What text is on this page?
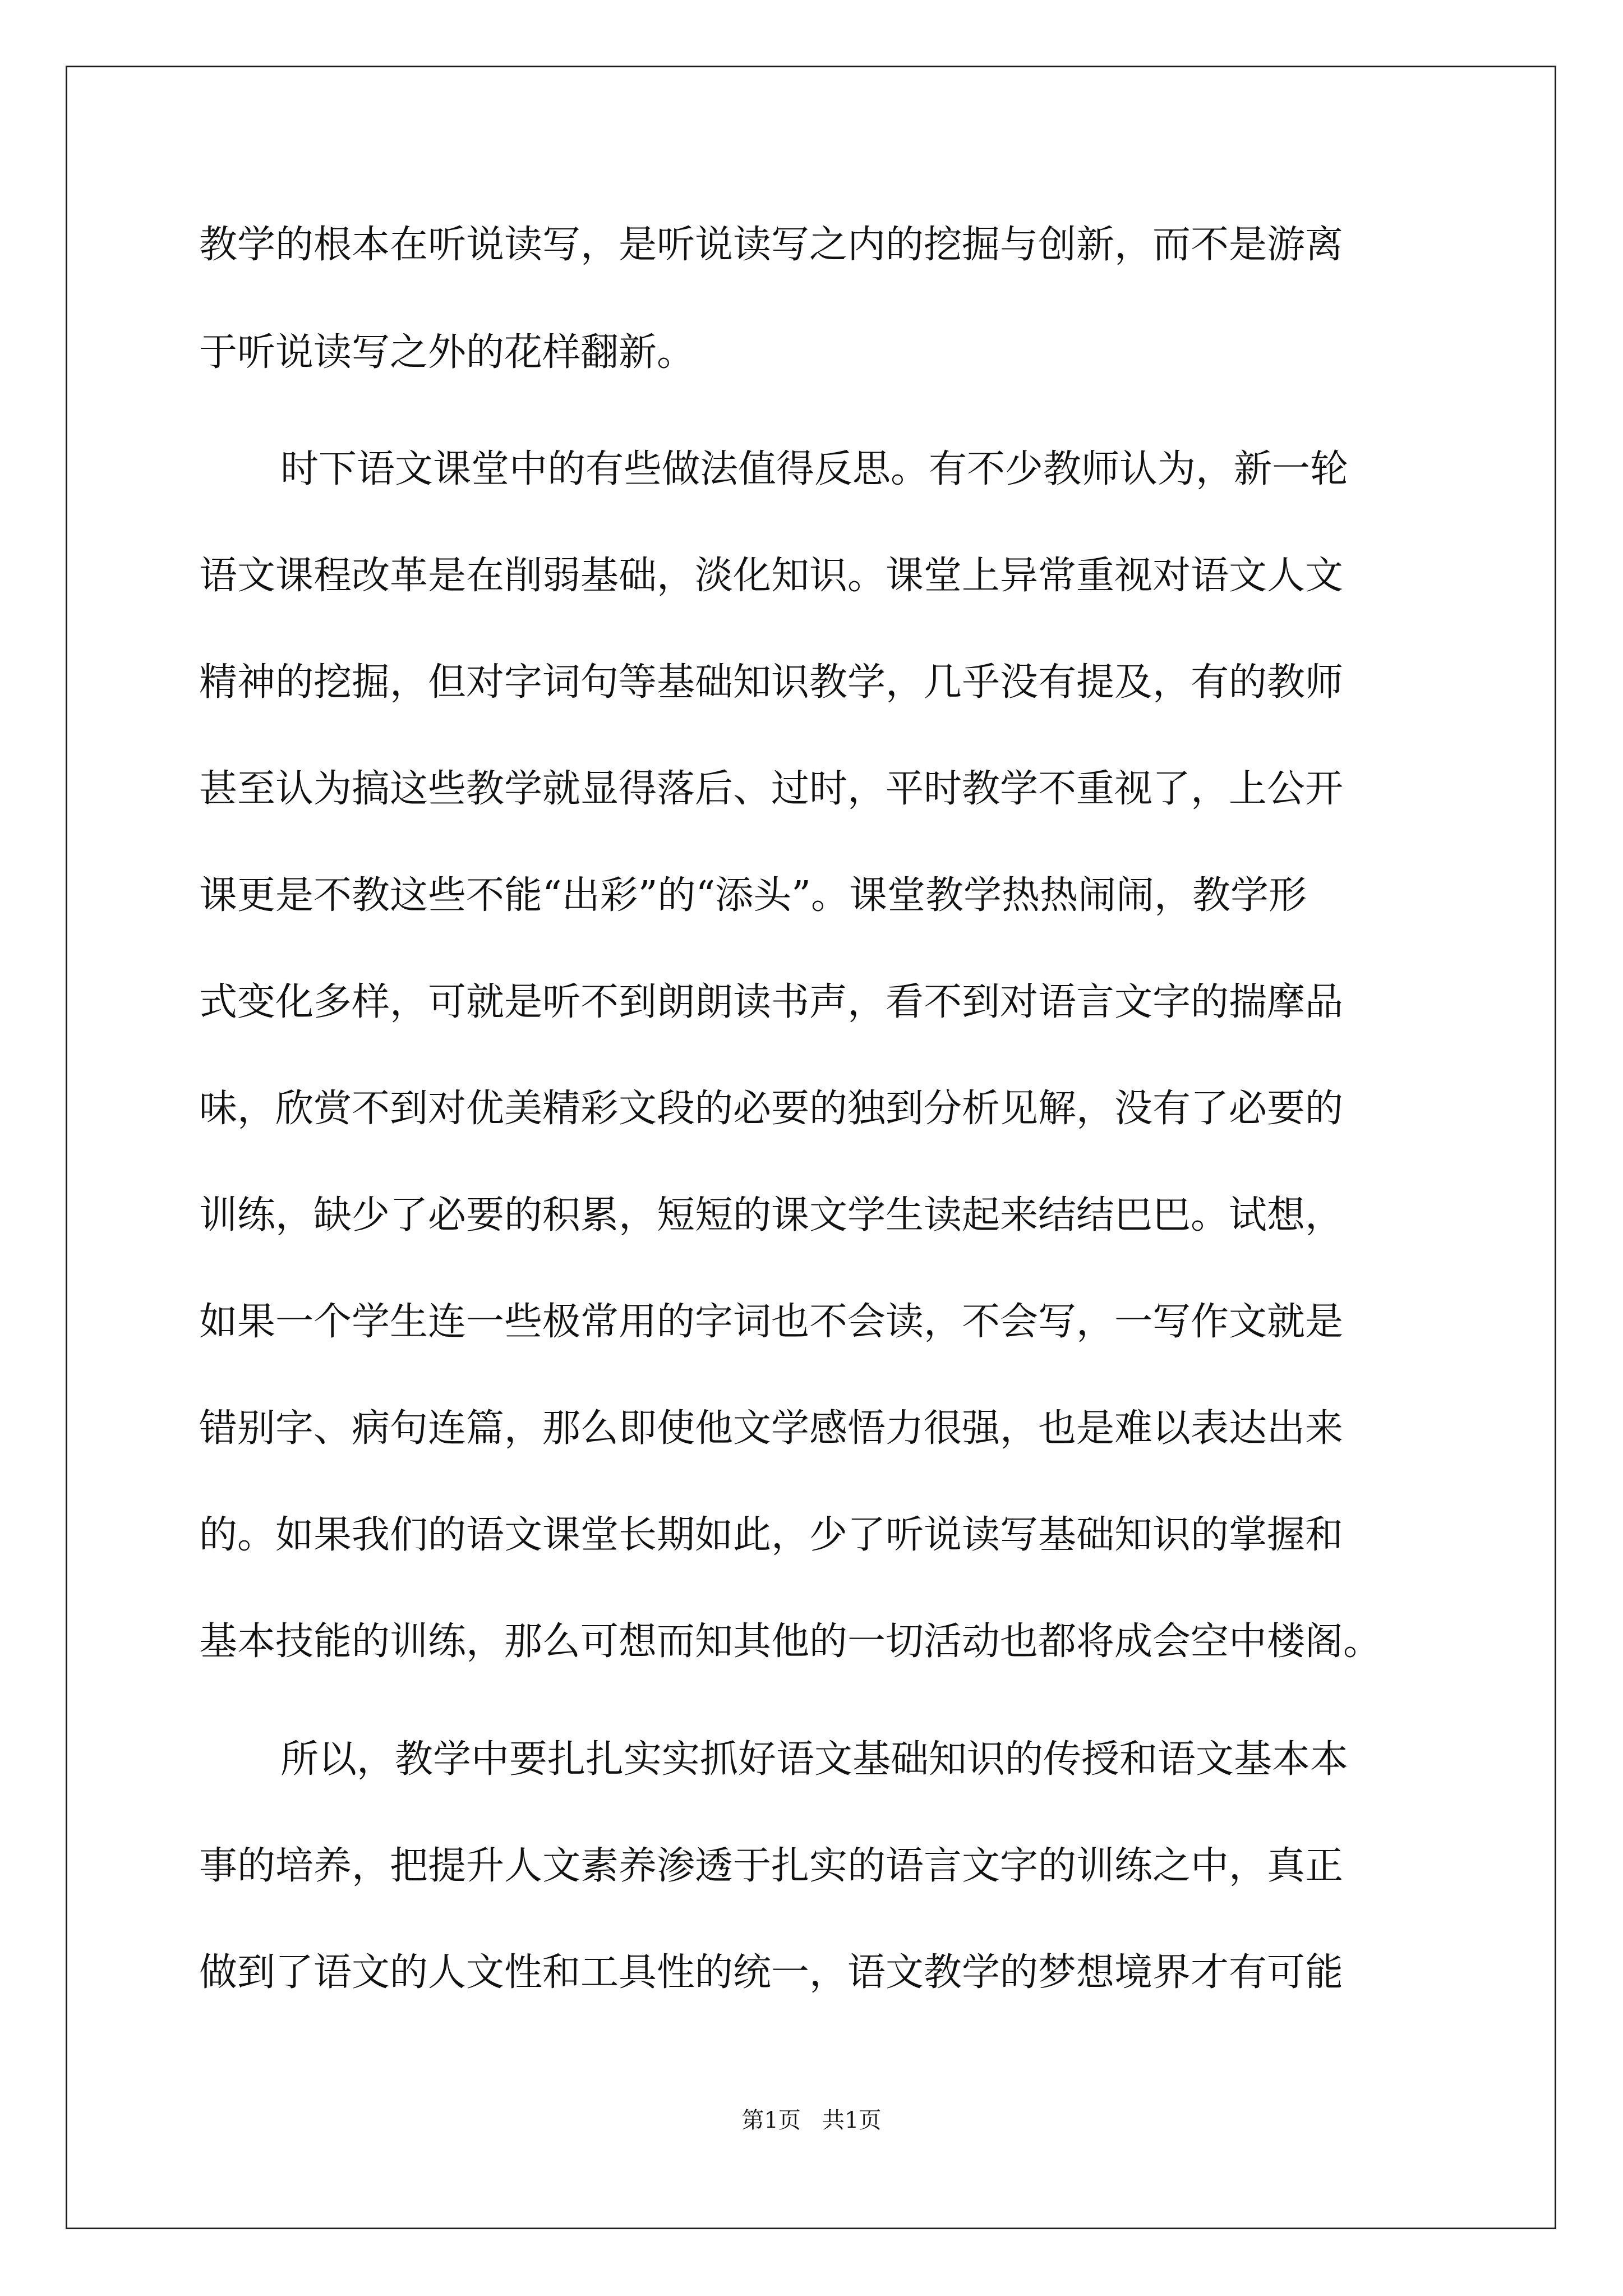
教学的根本在听说读写，是听说读写之内的挖掘与创新，而不是游离

于听说读写之外的花样翻新。

时下语文课堂中的有些做法值得反思。有不少教师认为，新一轮

语文课程改革是在削弱基础，淡化知识。课堂上异常重视对语文人文

精神的挖掘，但对字词句等基础知识教学，几乎没有提及，有的教师

甚至认为搞这些教学就显得落后、过时，平时教学不重视了，上公开

课更是不教这些不能“出彩”的“添头”。课堂教学热热闹闹，教学形

式变化多样，可就是听不到朗朗读书声，看不到对语言文字的揣摩品

味，欣赏不到对优美精彩文段的必要的独到分析见解，没有了必要的

训练，缺少了必要的积累，短短的课文学生读起来结结巴巴。试想，

如果一个学生连一些极常用的字词也不会读，不会写，一写作文就是

错别字、病句连篇，那么即使他文学感悟力很强，也是难以表达出来

的。如果我们的语文课堂长期如此，少了听说读写基础知识的掌握和

基本技能的训练，那么可想而知其他的一切活动也都将成会空中楼阁。

所以，教学中要扎扎实实抓好语文基础知识的传授和语文基本本

事的培养，把提升人文素养渗透于扎实的语言文字的训练之中，真正

做到了语文的人文性和工具性的统一，语文教学的梦想境界才有可能

第1页   共1页
